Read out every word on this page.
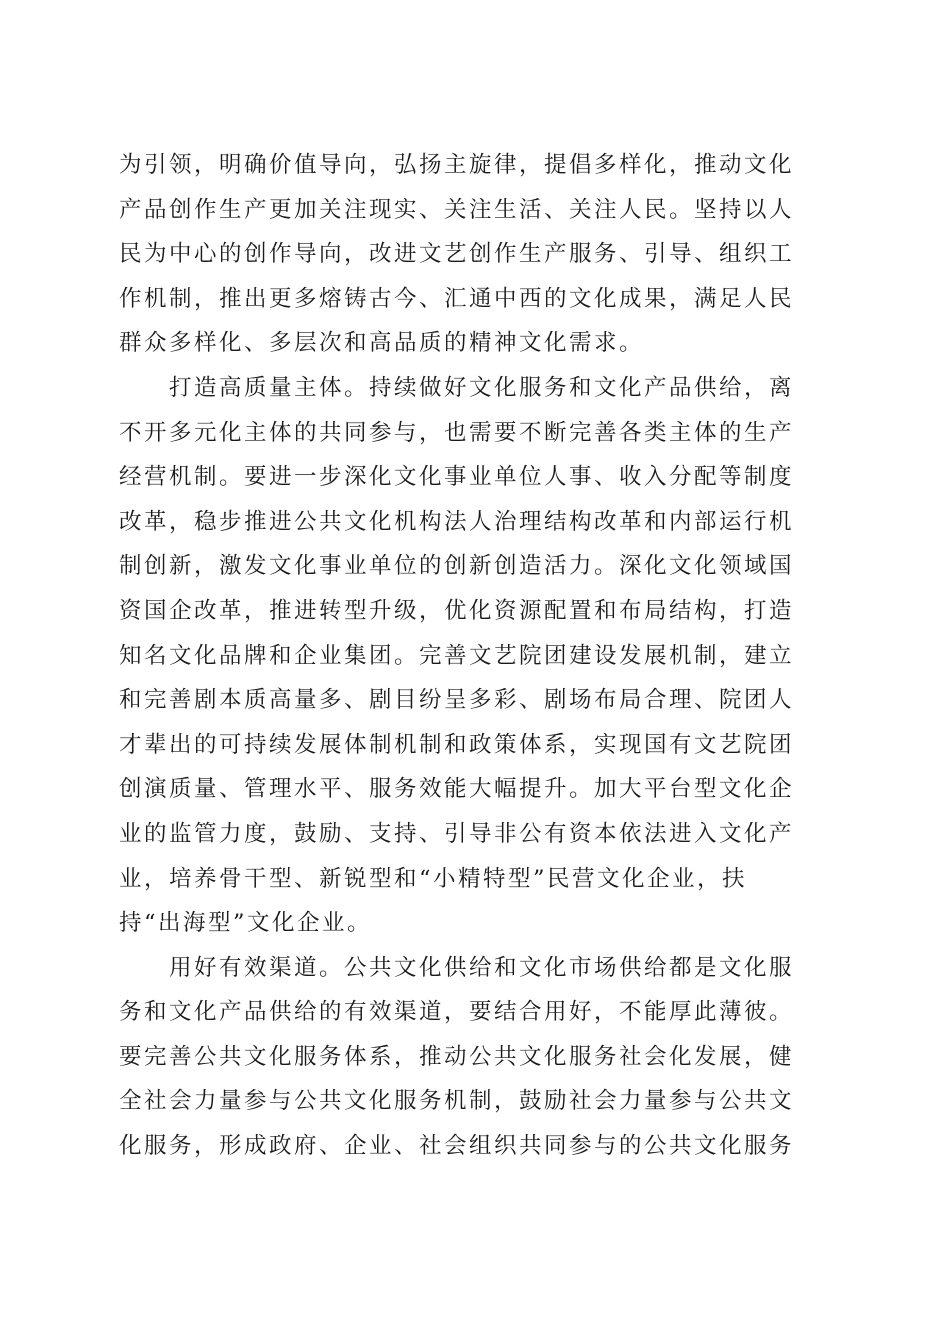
为引领，明确价值导向，弘扬主旋律，提倡多样化，推动文化
产品创作生产更加关注现实、关注生活、关注人民。坚持以人
民为中心的创作导向，改进文艺创作生产服务、引导、组织工
作机制，推出更多熔铸古今、汇通中西的文化成果，满足人民
群众多样化、多层次和高品质的精神文化需求。
　　打造高质量主体。持续做好文化服务和文化产品供给，离
不开多元化主体的共同参与，也需要不断完善各类主体的生产
经营机制。要进一步深化文化事业单位人事、收入分配等制度
改革，稳步推进公共文化机构法人治理结构改革和内部运行机
制创新，激发文化事业单位的创新创造活力。深化文化领域国
资国企改革，推进转型升级，优化资源配置和布局结构，打造
知名文化品牌和企业集团。完善文艺院团建设发展机制，建立
和完善剧本质高量多、剧目纷呈多彩、剧场布局合理、院团人
才辈出的可持续发展体制机制和政策体系，实现国有文艺院团
创演质量、管理水平、服务效能大幅提升。加大平台型文化企
业的监管力度，鼓励、支持、引导非公有资本依法进入文化产
业，培养骨干型、新锐型和“小精特型”民营文化企业，扶
持“出海型”文化企业。
　　用好有效渠道。公共文化供给和文化市场供给都是文化服
务和文化产品供给的有效渠道，要结合用好，不能厚此薄彼。
要完善公共文化服务体系，推动公共文化服务社会化发展，健
全社会力量参与公共文化服务机制，鼓励社会力量参与公共文
化服务，形成政府、企业、社会组织共同参与的公共文化服务
